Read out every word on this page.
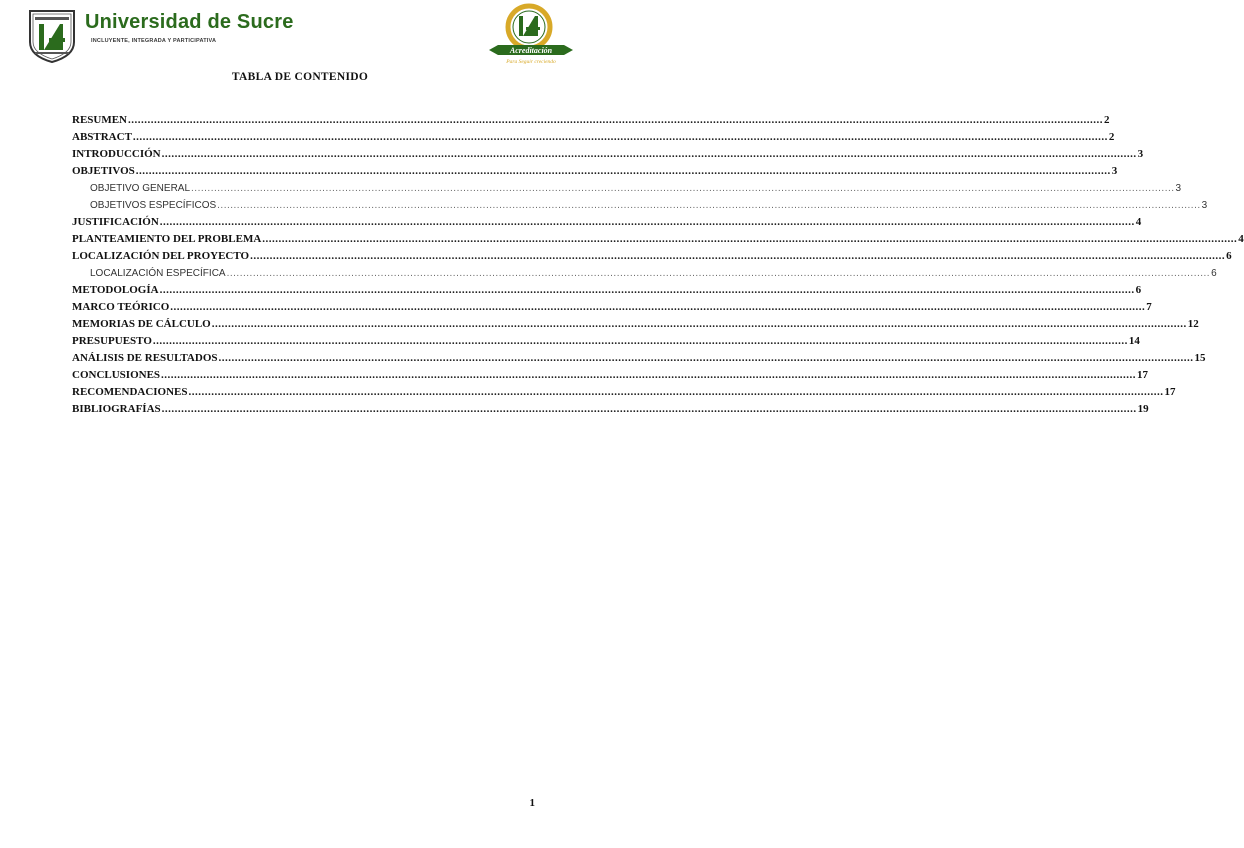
Universidad de Sucre
INCLUYENTE, INTEGRADA Y PARTICIPATIVA
Acreditación
Para Seguir creciendo
TABLA DE CONTENIDO
RESUMEN ............................................................................................................................................................................................................................................................................................................ 2
ABSTRACT ............................................................................................................................................................................................................................................................................................................ 2
INTRODUCCIÓN ............................................................................................................................................................................................................................................................................................................ 3
OBJETIVOS ............................................................................................................................................................................................................................................................................................................ 3
OBJETIVO GENERAL ............................................................................................................................................................................................................................................................................................................ 3
OBJETIVOS ESPECÍFICOS ............................................................................................................................................................................................................................................................................................................ 3
JUSTIFICACIÓN ............................................................................................................................................................................................................................................................................................................ 4
PLANTEAMIENTO DEL PROBLEMA ............................................................................................................................................................................................................................................................................................................ 4
LOCALIZACIÓN DEL PROYECTO ............................................................................................................................................................................................................................................................................................................ 6
LOCALIZACIÓN ESPECÍFICA ............................................................................................................................................................................................................................................................................................................ 6
METODOLOGÍA ............................................................................................................................................................................................................................................................................................................ 6
MARCO TEÓRICO ............................................................................................................................................................................................................................................................................................................ 7
MEMORIAS DE CÁLCULO ............................................................................................................................................................................................................................................................................................................ 12
PRESUPUESTO ............................................................................................................................................................................................................................................................................................................ 14
ANÁLISIS DE RESULTADOS ............................................................................................................................................................................................................................................................................................................ 15
CONCLUSIONES ............................................................................................................................................................................................................................................................................................................ 17
RECOMENDACIONES ............................................................................................................................................................................................................................................................................................................ 17
BIBLIOGRAFÍAS ............................................................................................................................................................................................................................................................................................................ 19
1
